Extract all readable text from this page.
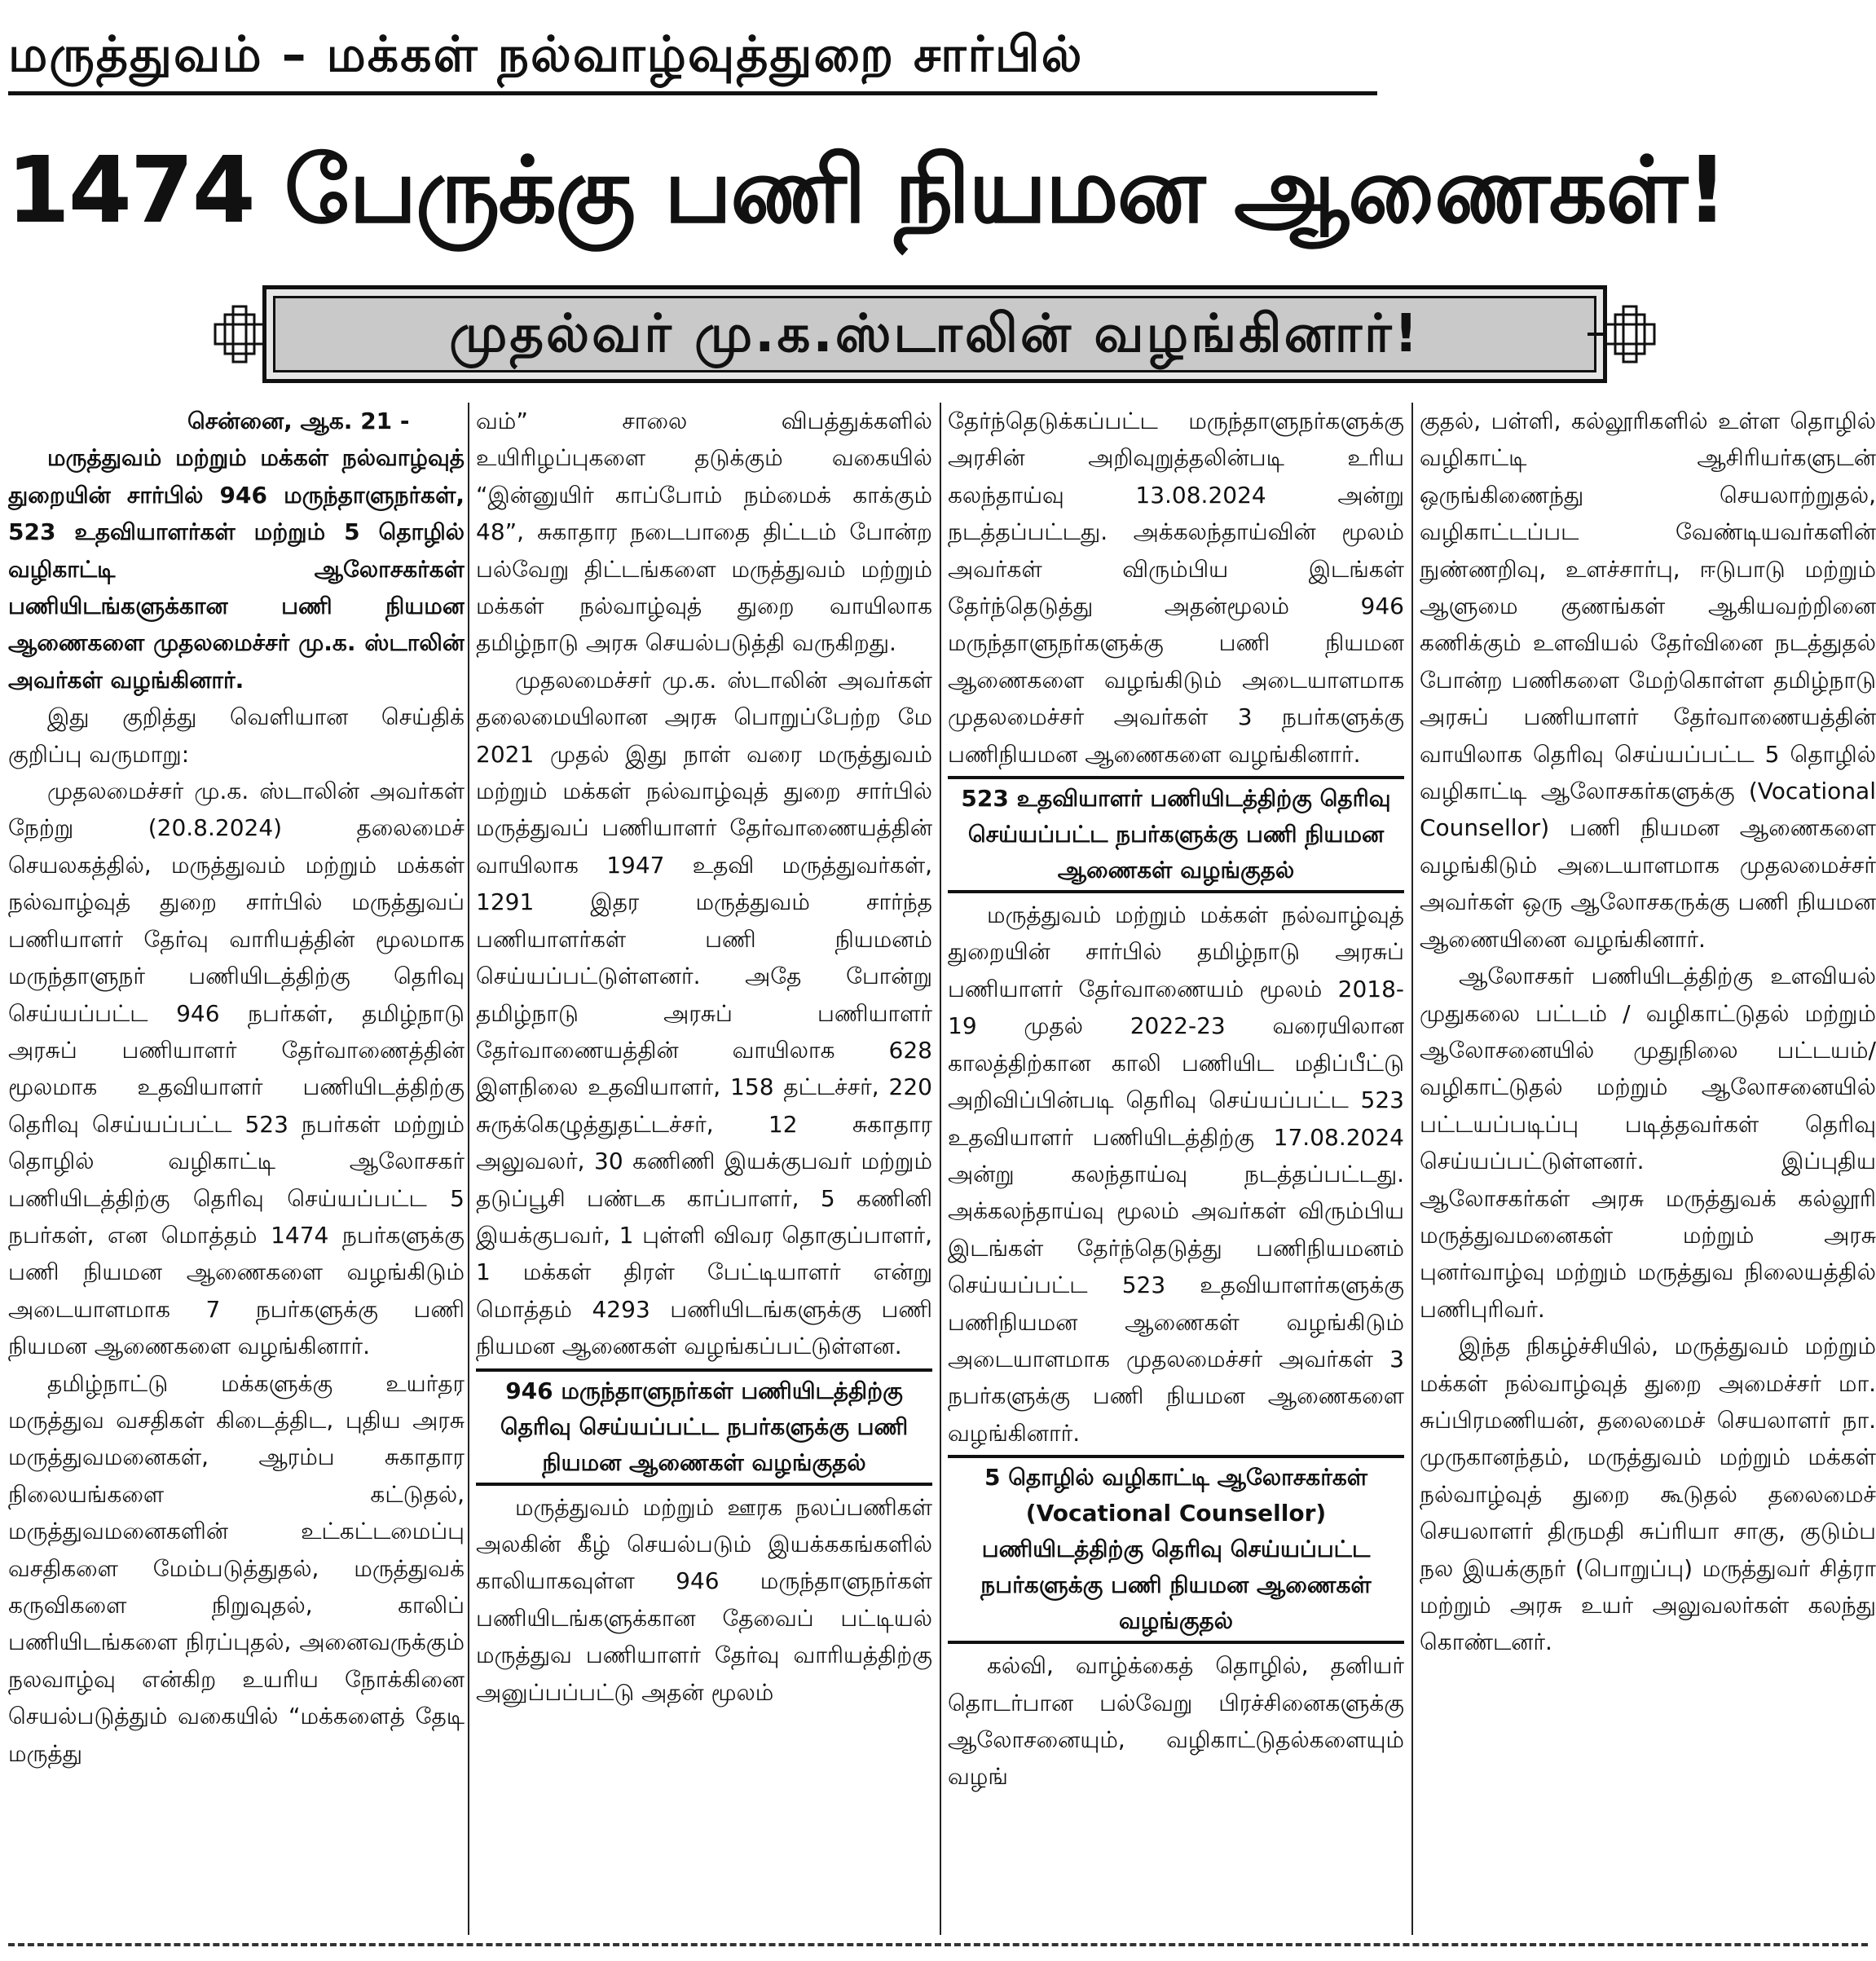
மருத்துவம் – மக்கள் நல்வாழ்வுத்துறை சார்பில்
1474 பேருக்கு பணி நியமன ஆணைகள்!
முதல்வர் மு.க.ஸ்டாலின் வழங்கினார்!

சென்னை, ஆக. 21 -

மருத்துவம் மற்றும் மக்கள் நல்வாழ்வுத் துறையின் சார்பில் 946 மருந்தாளுநர்கள், 523 உதவியாளர்கள் மற்றும் 5 தொழில் வழிகாட்டி ஆலோசகர்கள் பணியிடங்களுக்கான பணி நியமன ஆணைகளை முதலமைச்சர் மு.க. ஸ்டாலின் அவர்கள் வழங்கினார்.

இது குறித்து வெளியான செய்திக் குறிப்பு வருமாறு:

முதலமைச்சர் மு.க. ஸ்டாலின் அவர்கள் நேற்று (20.8.2024) தலைமைச் செயலகத்தில், மருத்துவம் மற்றும் மக்கள் நல்வாழ்வுத் துறை சார்பில் மருத்துவப் பணியாளர் தேர்வு வாரியத்தின் மூலமாக மருந்தாளுநர் பணியிடத்திற்கு தெரிவு செய்யப்பட்ட 946 நபர்கள், தமிழ்நாடு அரசுப் பணியாளர் தேர்வாணைத்தின் மூலமாக உதவியாளர் பணியிடத்திற்கு தெரிவு செய்யப்பட்ட 523 நபர்கள் மற்றும் தொழில் வழிகாட்டி ஆலோசகர் பணியிடத்திற்கு தெரிவு செய்யப்பட்ட 5 நபர்கள், என மொத்தம் 1474 நபர்களுக்கு பணி நியமன ஆணைகளை வழங்கிடும் அடையாளமாக 7 நபர்களுக்கு பணி நியமன ஆணைகளை வழங்கினார்.

தமிழ்நாட்டு மக்களுக்கு உயர்தர மருத்துவ வசதிகள் கிடைத்திட, புதிய அரசு மருத்துவமனைகள், ஆரம்ப சுகாதார நிலையங்களை கட்டுதல், மருத்துவமனைகளின் உட்கட்டமைப்பு வசதிகளை மேம்படுத்துதல், மருத்துவக் கருவிகளை நிறுவுதல், காலிப் பணியிடங்களை நிரப்புதல், அனைவருக்கும் நலவாழ்வு என்கிற உயரிய நோக்கினை செயல்படுத்தும் வகையில் “மக்களைத் தேடி மருத்து

வம்” சாலை விபத்துக்களில் உயிரிழப்புகளை தடுக்கும் வகையில் “இன்னுயிர் காப்போம் நம்மைக் காக்கும் 48”, சுகாதார நடைபாதை திட்டம் போன்ற பல்வேறு திட்டங்களை மருத்துவம் மற்றும் மக்கள் நல்வாழ்வுத் துறை வாயிலாக தமிழ்நாடு அரசு செயல்படுத்தி வருகிறது.

முதலமைச்சர் மு.க. ஸ்டாலின் அவர்கள் தலைமையிலான அரசு பொறுப்பேற்ற மே 2021 முதல் இது நாள் வரை மருத்துவம் மற்றும் மக்கள் நல்வாழ்வுத் துறை சார்பில் மருத்துவப் பணியாளர் தேர்வாணையத்தின் வாயிலாக 1947 உதவி மருத்துவர்கள், 1291 இதர மருத்துவம் சார்ந்த பணியாளர்கள் பணி நியமனம் செய்யப்பட்டுள்ளனர். அதே போன்று தமிழ்நாடு அரசுப் பணியாளர் தேர்வாணையத்தின் வாயிலாக 628 இளநிலை உதவியாளர், 158 தட்டச்சர், 220 சுருக்கெழுத்துதட்டச்சர், 12 சுகாதார அலுவலர், 30 கணிணி இயக்குபவர் மற்றும் தடுப்பூசி பண்டக காப்பாளர், 5 கணினி இயக்குபவர், 1 புள்ளி விவர தொகுப்பாளர், 1 மக்கள் திரள் பேட்டியாளர் என்று மொத்தம் 4293 பணியிடங்களுக்கு பணி நியமன ஆணைகள் வழங்கப்பட்டுள்ளன.

946 மருந்தாளுநர்கள் பணியிடத்திற்கு தெரிவு செய்யப்பட்ட நபர்களுக்கு பணி நியமன ஆணைகள் வழங்குதல்

மருத்துவம் மற்றும் ஊரக நலப்பணிகள் அலகின் கீழ் செயல்படும் இயக்ககங்களில் காலியாகவுள்ள 946 மருந்தாளுநர்கள் பணியிடங்களுக்கான தேவைப் பட்டியல் மருத்துவ பணியாளர் தேர்வு வாரியத்திற்கு அனுப்பப்பட்டு அதன் மூலம்

தேர்ந்தெடுக்கப்பட்ட மருந்தாளுநர்களுக்கு அரசின் அறிவுறுத்தலின்படி உரிய கலந்தாய்வு 13.08.2024 அன்று நடத்தப்பட்டது. அக்கலந்தாய்வின் மூலம் அவர்கள் விரும்பிய இடங்கள் தேர்ந்தெடுத்து அதன்மூலம் 946 மருந்தாளுநர்களுக்கு பணி நியமன ஆணைகளை வழங்கிடும் அடையாளமாக முதலமைச்சர் அவர்கள் 3 நபர்களுக்கு பணிநியமன ஆணைகளை வழங்கினார்.

523 உதவியாளர் பணியிடத்திற்கு தெரிவு செய்யப்பட்ட நபர்களுக்கு பணி நியமன ஆணைகள் வழங்குதல்

மருத்துவம் மற்றும் மக்கள் நல்வாழ்வுத் துறையின் சார்பில் தமிழ்நாடு அரசுப் பணியாளர் தேர்வாணையம் மூலம் 2018-19 முதல் 2022-23 வரையிலான காலத்திற்கான காலி பணியிட மதிப்பீட்டு அறிவிப்பின்படி தெரிவு செய்யப்பட்ட 523 உதவியாளர் பணியிடத்திற்கு 17.08.2024 அன்று கலந்தாய்வு நடத்தப்பட்டது. அக்கலந்தாய்வு மூலம் அவர்கள் விரும்பிய இடங்கள் தேர்ந்தெடுத்து பணிநியமனம் செய்யப்பட்ட 523 உதவியாளர்களுக்கு பணிநியமன ஆணைகள் வழங்கிடும் அடையாளமாக முதலமைச்சர் அவர்கள் 3 நபர்களுக்கு பணி நியமன ஆணைகளை வழங்கினார்.

5 தொழில் வழிகாட்டி ஆலோசகர்கள் (Vocational Counsellor) பணியிடத்திற்கு தெரிவு செய்யப்பட்ட நபர்களுக்கு பணி நியமன ஆணைகள் வழங்குதல்

கல்வி, வாழ்க்கைத் தொழில், தனியர் தொடர்பான பல்வேறு பிரச்சினைகளுக்கு ஆலோசனையும், வழிகாட்டுதல்களையும் வழங்

குதல், பள்ளி, கல்லூரிகளில் உள்ள தொழில் வழிகாட்டி ஆசிரியர்களுடன் ஒருங்கிணைந்து செயலாற்றுதல், வழிகாட்டப்பட வேண்டியவர்களின் நுண்ணறிவு, உளச்சார்பு, ஈடுபாடு மற்றும் ஆளுமை குணங்கள் ஆகியவற்றினை கணிக்கும் உளவியல் தேர்வினை நடத்துதல் போன்ற பணிகளை மேற்கொள்ள தமிழ்நாடு அரசுப் பணியாளர் தேர்வாணையத்தின் வாயிலாக தெரிவு செய்யப்பட்ட 5 தொழில் வழிகாட்டி ஆலோசகர்களுக்கு (Vocational Counsellor) பணி நியமன ஆணைகளை வழங்கிடும் அடையாளமாக முதலமைச்சர் அவர்கள் ஒரு ஆலோசகருக்கு பணி நியமன ஆணையினை வழங்கினார்.

ஆலோசகர் பணியிடத்திற்கு உளவியல் முதுகலை பட்டம் / வழிகாட்டுதல் மற்றும் ஆலோசனையில் முதுநிலை பட்டயம்/வழிகாட்டுதல் மற்றும் ஆலோசனையில் பட்டயப்படிப்பு படித்தவர்கள் தெரிவு செய்யப்பட்டுள்ளனர். இப்புதிய ஆலோசகர்கள் அரசு மருத்துவக் கல்லூரி மருத்துவமனைகள் மற்றும் அரசு புனர்வாழ்வு மற்றும் மருத்துவ நிலையத்தில் பணிபுரிவர்.

இந்த நிகழ்ச்சியில், மருத்துவம் மற்றும் மக்கள் நல்வாழ்வுத் துறை அமைச்சர் மா. சுப்பிரமணியன், தலைமைச் செயலாளர் நா. முருகானந்தம், மருத்துவம் மற்றும் மக்கள் நல்வாழ்வுத் துறை கூடுதல் தலைமைச் செயலாளர் திருமதி சுப்ரியா சாகு, குடும்ப நல இயக்குநர் (பொறுப்பு) மருத்துவர் சித்ரா மற்றும் அரசு உயர் அலுவலர்கள் கலந்து கொண்டனர்.
